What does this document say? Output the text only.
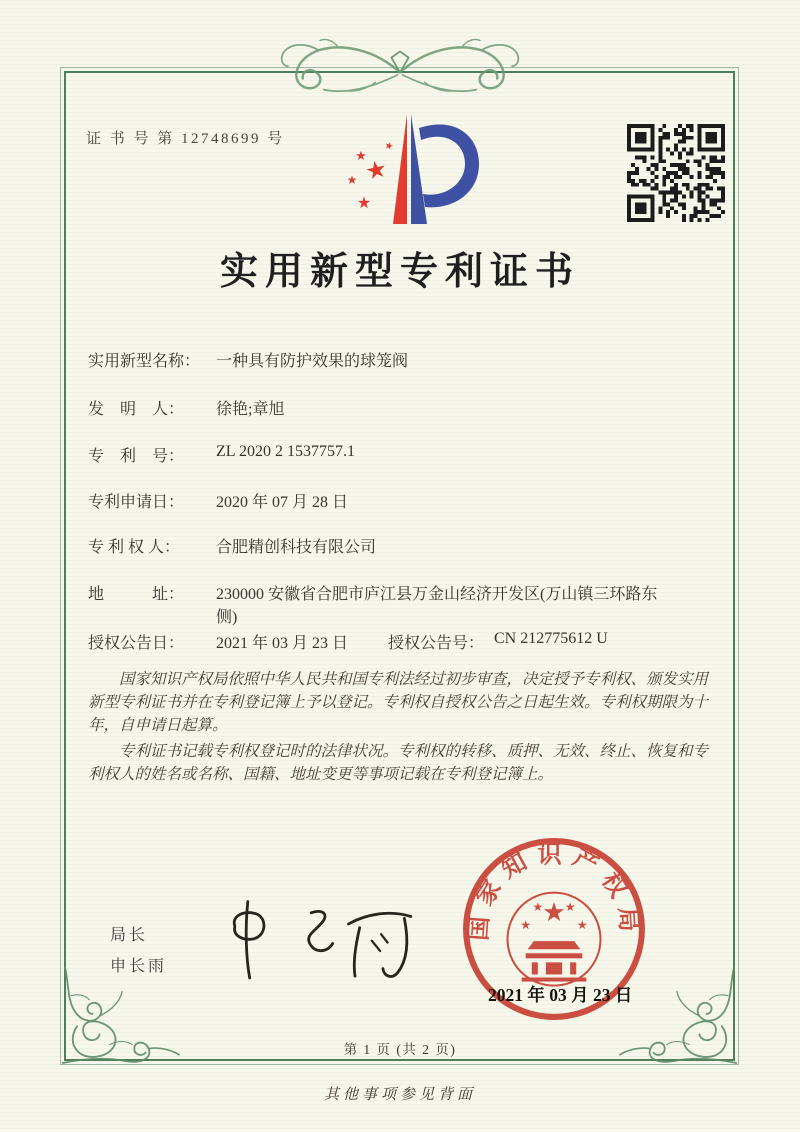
证 书 号 第 12748699 号
★
★
★
★
★
实用新型专利证书
实用新型名称： 一种具有防护效果的球笼阀
发　明　人：	徐艳;章旭
专　利　号：	ZL 2020 2 1537757.1
专利申请日：	2020 年 07 月 28 日
专 利 权 人：	合肥精创科技有限公司
地　　　址：	230000 安徽省合肥市庐江县万金山经济开发区(万山镇三环路东侧)
授权公告日：	2021 年 03 月 23 日 授权公告号： CN 212775612 U

国家知识产权局依照中华人民共和国专利法经过初步审查，决定授予专利权、颁发实用新型专利证书并在专利登记簿上予以登记。专利权自授权公告之日起生效。专利权期限为十年，自申请日起算。

专利证书记载专利权登记时的法律状况。专利权的转移、质押、无效、终止、恢复和专利权人的姓名或名称、国籍、地址变更等事项记载在专利登记簿上。

局长
申长雨
国家知识产权局
★
★
★ ★
★
2021 年 03 月 23 日
第 1 页 (共 2 页)
其他事项参见背面
